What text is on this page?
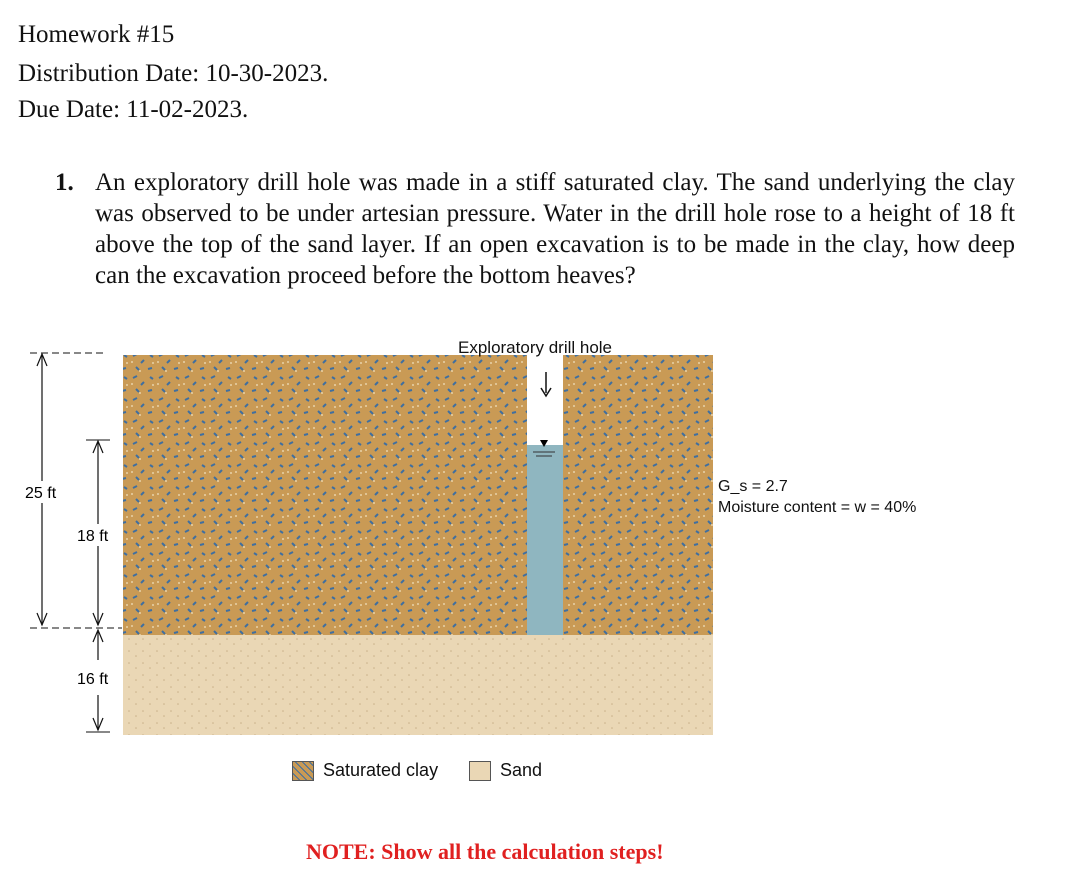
Homework #15
Distribution Date: 10-30-2023.
Due Date: 11-02-2023.
1. An exploratory drill hole was made in a stiff saturated clay. The sand underlying the clay was observed to be under artesian pressure. Water in the drill hole rose to a height of 18 ft above the top of the sand layer. If an open excavation is to be made in the clay, how deep can the excavation proceed before the bottom heaves?
Exploratory drill hole
25 ft
18 ft
16 ft
G_s = 2.7
Moisture content = w = 40%
Saturated clay	Sand
NOTE: Show all the calculation steps!
